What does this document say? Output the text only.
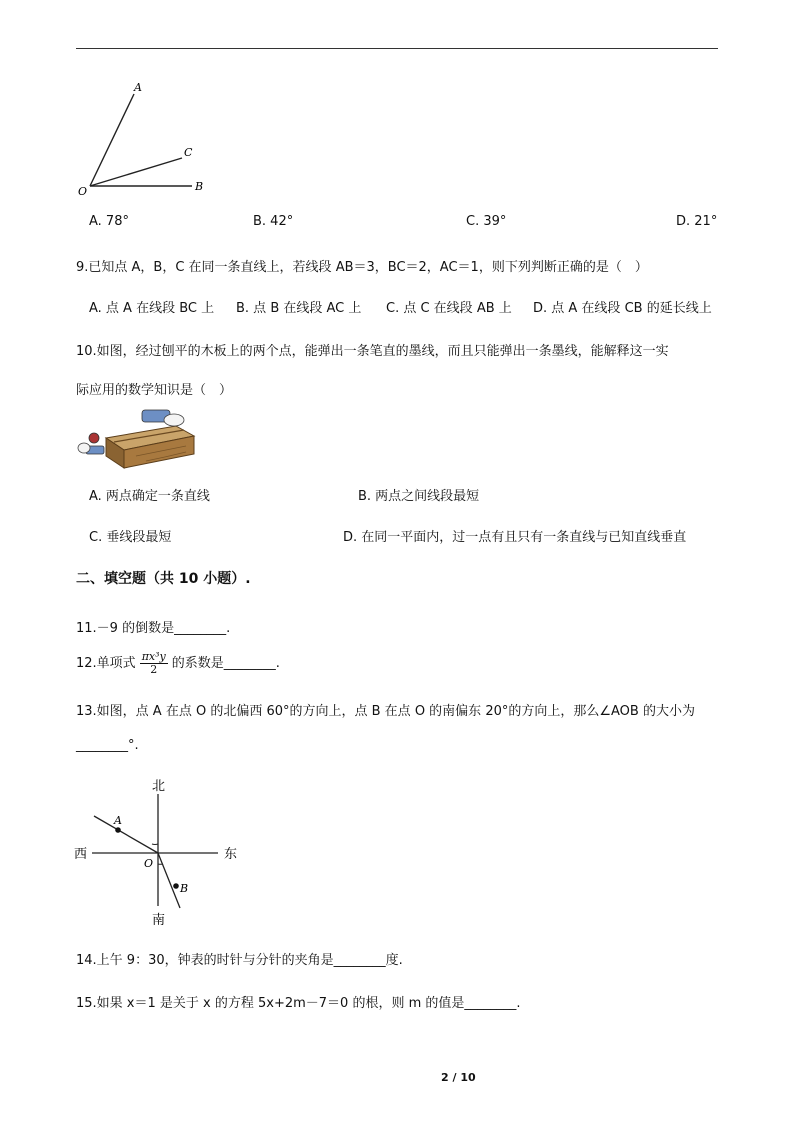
A
C
O	B
A. 78°	B. 42°	C. 39°	D. 21°
9.已知点 A，B，C 在同一条直线上，若线段 AB＝3，BC＝2，AC＝1，则下列判断正确的是（　）
A. 点 A 在线段 BC 上 B. 点 B 在线段 AC 上 C. 点 C 在线段 AB 上 D. 点 A 在线段 CB 的延长线上
10.如图，经过刨平的木板上的两个点，能弹出一条笔直的墨线，而且只能弹出一条墨线，能解释这一实
际应用的数学知识是（　）
A. 两点确定一条直线	B. 两点之间线段最短
C. 垂线段最短	D. 在同一平面内，过一点有且只有一条直线与已知直线垂直
二、填空题（共 10 小题）.
11.－9 的倒数是________.
12.单项式 $\frac{\text{πx³y}}{2}$ 的系数是________.
13.如图，点 A 在点 O 的北偏西 60°的方向上，点 B 在点 O 的南偏东 20°的方向上，那么∠AOB 的大小为
________°.
北
南
西	东
O
A
B
14.上午 9：30，钟表的时针与分针的夹角是________度.
15.如果 x＝1 是关于 x 的方程 5x+2m－7＝0 的根，则 m 的值是________.
2 / 10
